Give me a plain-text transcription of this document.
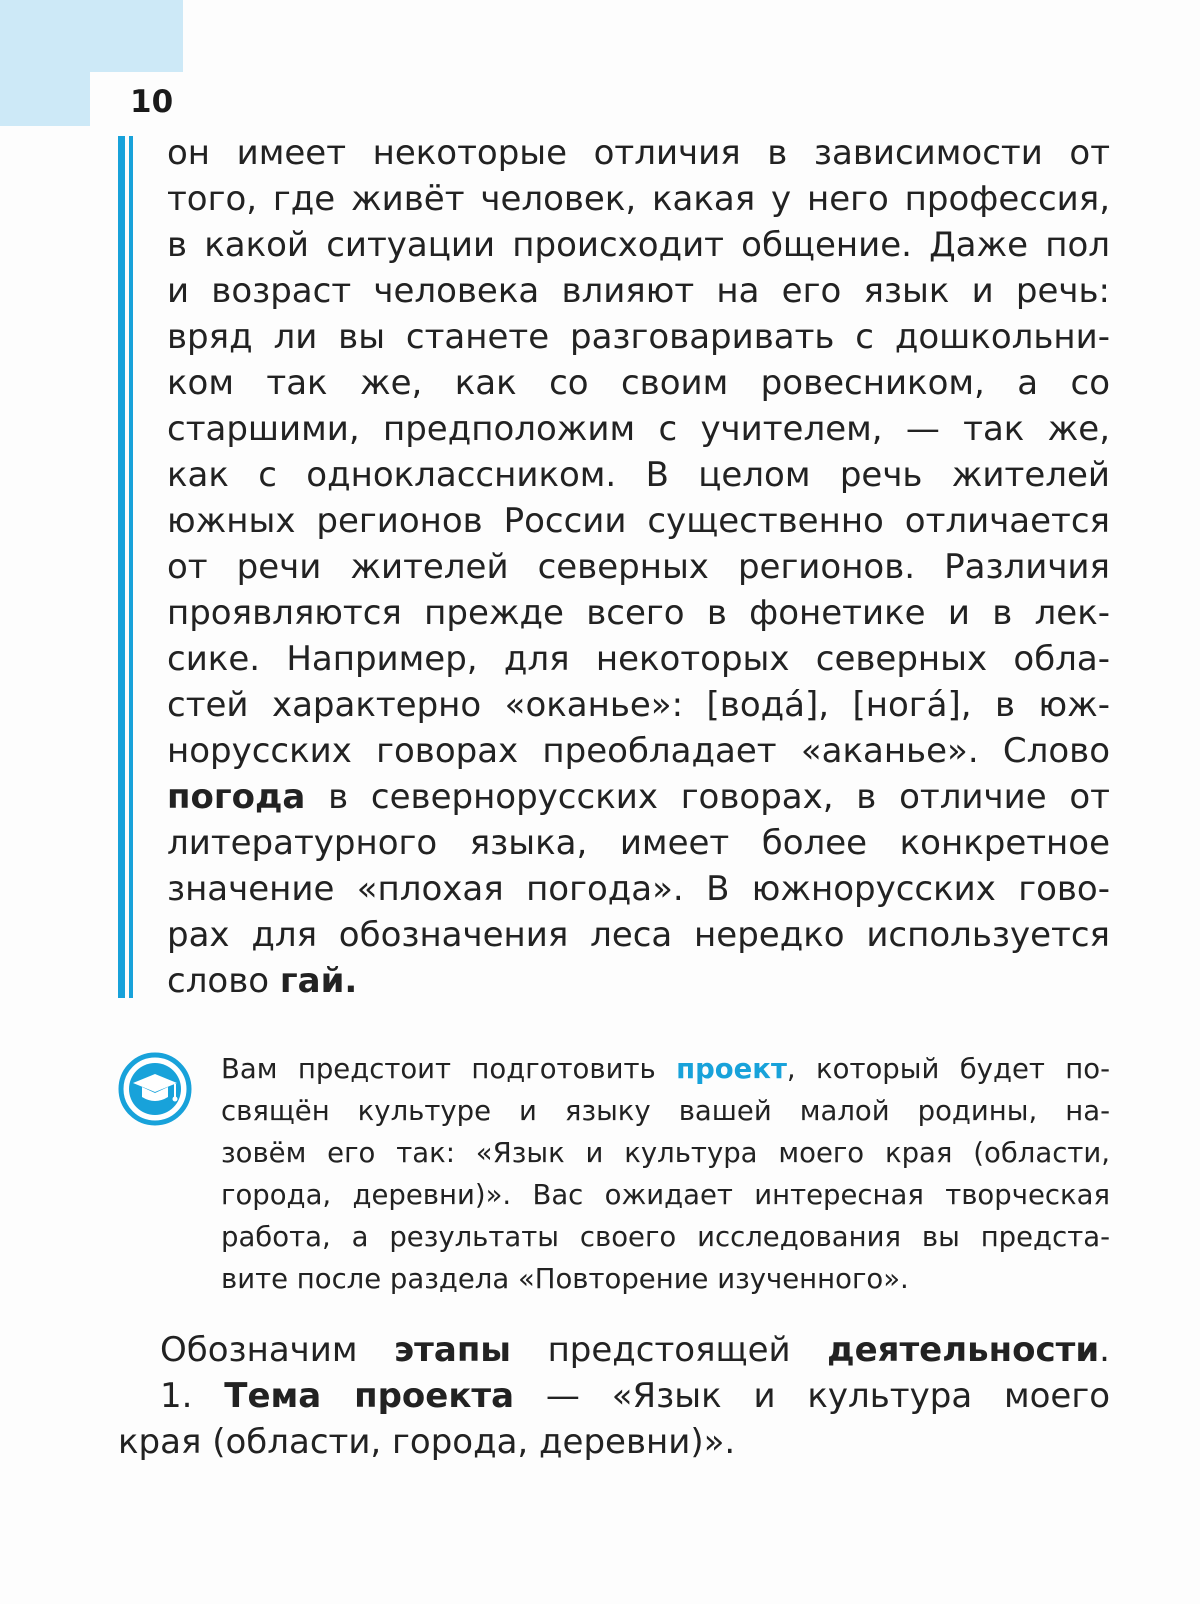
10
он имеет некоторые отличия в зависимости от
того, где живёт человек, какая у него профессия,
в какой ситуации происходит общение. Даже пол
и возраст человека влияют на его язык и речь:
вряд ли вы станете разговаривать с дошкольни-
ком так же, как со своим ровесником, а со
старшими, предположим с учителем, — так же,
как с одноклассником. В целом речь жителей
южных регионов России существенно отличается
от речи жителей северных регионов. Различия
проявляются прежде всего в фонетике и в лек-
сике. Например, для некоторых северных обла-
стей характерно «оканье»: [водá], [ногá], в юж-
норусских говорах преобладает «аканье». Слово
погода в севернорусских говорах, в отличие от
литературного языка, имеет более конкретное
значение «плохая погода». В южнорусских гово-
рах для обозначения леса нередко используется
слово гай.
Вам предстоит подготовить проект, который будет по-
свящён культуре и языку вашей малой родины, на-
зовём его так: «Язык и культура моего края (области,
города, деревни)». Вас ожидает интересная творческая
работа, а результаты своего исследования вы предста-
вите после раздела «Повторение изученного».
Обозначим этапы предстоящей деятельности.
1. Тема проекта — «Язык и культура моего
края (области, города, деревни)».
